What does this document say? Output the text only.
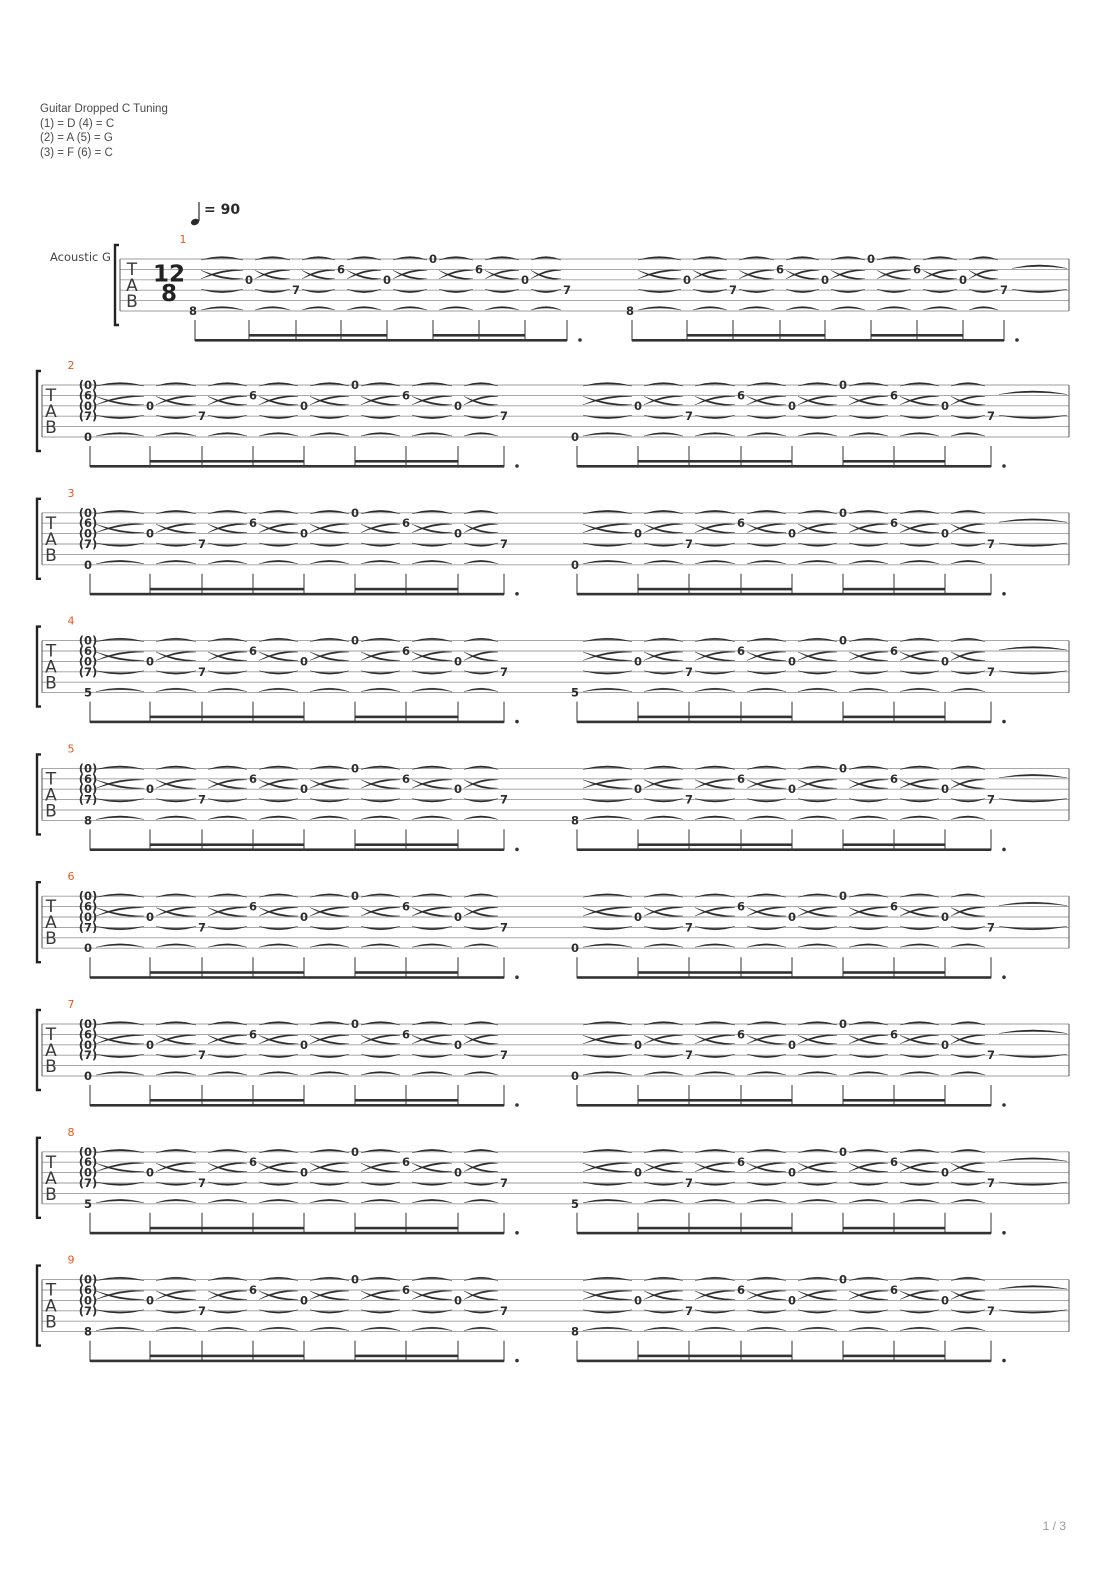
Guitar Dropped C Tuning
(1) = D (4) = C
(2) = A (5) = G
(3) = F (6) = C
T
A
B
1
12
8
Acoustic G
= 90
8	8
0
7
6
0
0
6
0
7
0
7
6
0
0
6
0
7
T
A
B
2
(0)
(6)
(0)
(7)
0	0
0
7
6
0
0
6
0
7
0
7
6
0
0
6
0
7
T
A
B
3
(0)
(6)
(0)
(7)
0	0
0
7
6
0
0
6
0
7
0
7
6
0
0
6
0
7
T
A
B
4
(0)
(6)
(0)
(7)
5	5
0
7
6
0
0
6
0
7
0
7
6
0
0
6
0
7
T
A
B
5
(0)
(6)
(0)
(7)
8	8
0
7
6
0
0
6
0
7
0
7
6
0
0
6
0
7
T
A
B
6
(0)
(6)
(0)
(7)
0	0
0
7
6
0
0
6
0
7
0
7
6
0
0
6
0
7
T
A
B
7
(0)
(6)
(0)
(7)
0	0
0
7
6
0
0
6
0
7
0
7
6
0
0
6
0
7
T
A
B
8
(0)
(6)
(0)
(7)
5	5
0
7
6
0
0
6
0
7
0
7
6
0
0
6
0
7
T
A
B
9
(0)
(6)
(0)
(7)
8	8
0
7
6
0
0
6
0
7
0
7
6
0
0
6
0
7
1 / 3
